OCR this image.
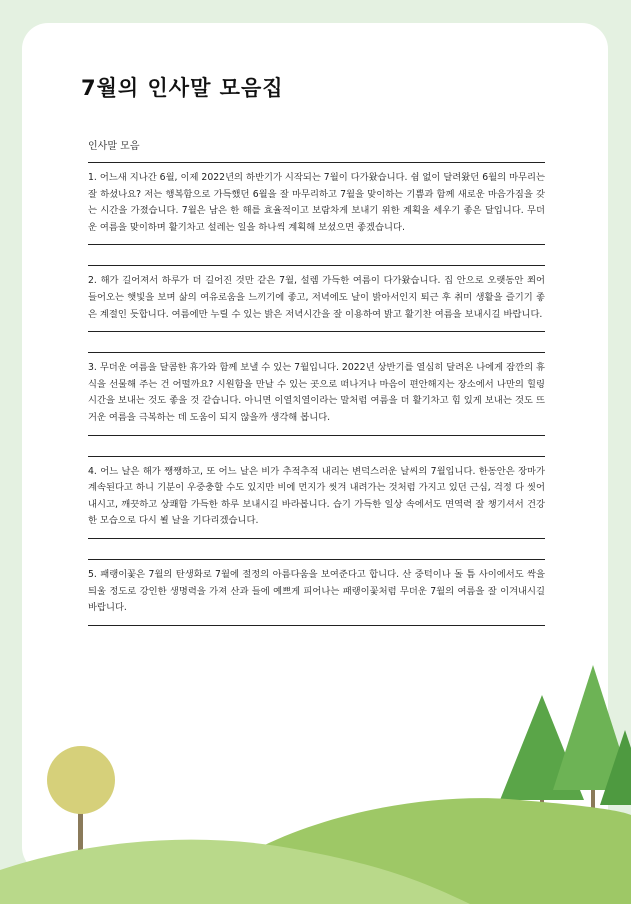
7월의 인사말 모음집
인사말 모음
1. 어느새 지나간 6월, 이제 2022년의 하반기가 시작되는 7월이 다가왔습니다. 쉼 없이 달려왔던 6월의 마무리는 잘 하셨나요? 저는 행복함으로 가득했던 6월을 잘 마무리하고 7월을 맞이하는 기쁨과 함께 새로운 마음가짐을 갖는 시간을 가졌습니다. 7월은 남은 한 해를 효율적이고 보람차게 보내기 위한 계획을 세우기 좋은 달입니다. 무더운 여름을 맞이하며 활기차고 설레는 일을 하나씩 계획해 보셨으면 좋겠습니다.
2. 해가 길어져서 하루가 더 길어진 것만 같은 7월, 설렘 가득한 여름이 다가왔습니다. 집 안으로 오랫동안 쬐어 들어오는 햇빛을 보며 삶의 여유로움을 느끼기에 좋고, 저녁에도 날이 밝아서인지 퇴근 후 취미 생활을 즐기기 좋은 계절인 듯합니다. 여름에만 누릴 수 있는 밝은 저녁시간을 잘 이용하여 밝고 활기찬 여름을 보내시길 바랍니다.
3. 무더운 여름을 달콤한 휴가와 함께 보낼 수 있는 7월입니다. 2022년 상반기를 열심히 달려온 나에게 잠깐의 휴식을 선물해 주는 건 어떨까요? 시원함을 만날 수 있는 곳으로 떠나거나 마음이 편안해지는 장소에서 나만의 힐링 시간을 보내는 것도 좋을 것 같습니다. 아니면 이열치열이라는 말처럼 여름을 더 활기차고 힘 있게 보내는 것도 뜨거운 여름을 극복하는 데 도움이 되지 않을까 생각해 봅니다.
4. 어느 날은 해가 쨍쨍하고, 또 어느 날은 비가 추적추적 내리는 변덕스러운 날씨의 7월입니다. 한동안은 장마가 계속된다고 하니 기분이 우중충할 수도 있지만 비에 먼지가 씻겨 내려가는 것처럼 가지고 있던 근심, 걱정 다 씻어내시고, 깨끗하고 상쾌함 가득한 하루 보내시길 바라봅니다. 습기 가득한 일상 속에서도 면역력 잘 챙기셔서 건강한 모습으로 다시 뵐 날을 기다리겠습니다.
5. 패랭이꽃은 7월의 탄생화로 7월에 절정의 아름다움을 보여준다고 합니다. 산 중턱이나 돌 틈 사이에서도 싹을 틔울 정도로 강인한 생명력을 가져 산과 들에 예쁘게 피어나는 패랭이꽃처럼 무더운 7월의 여름을 잘 이겨내시길 바랍니다.
